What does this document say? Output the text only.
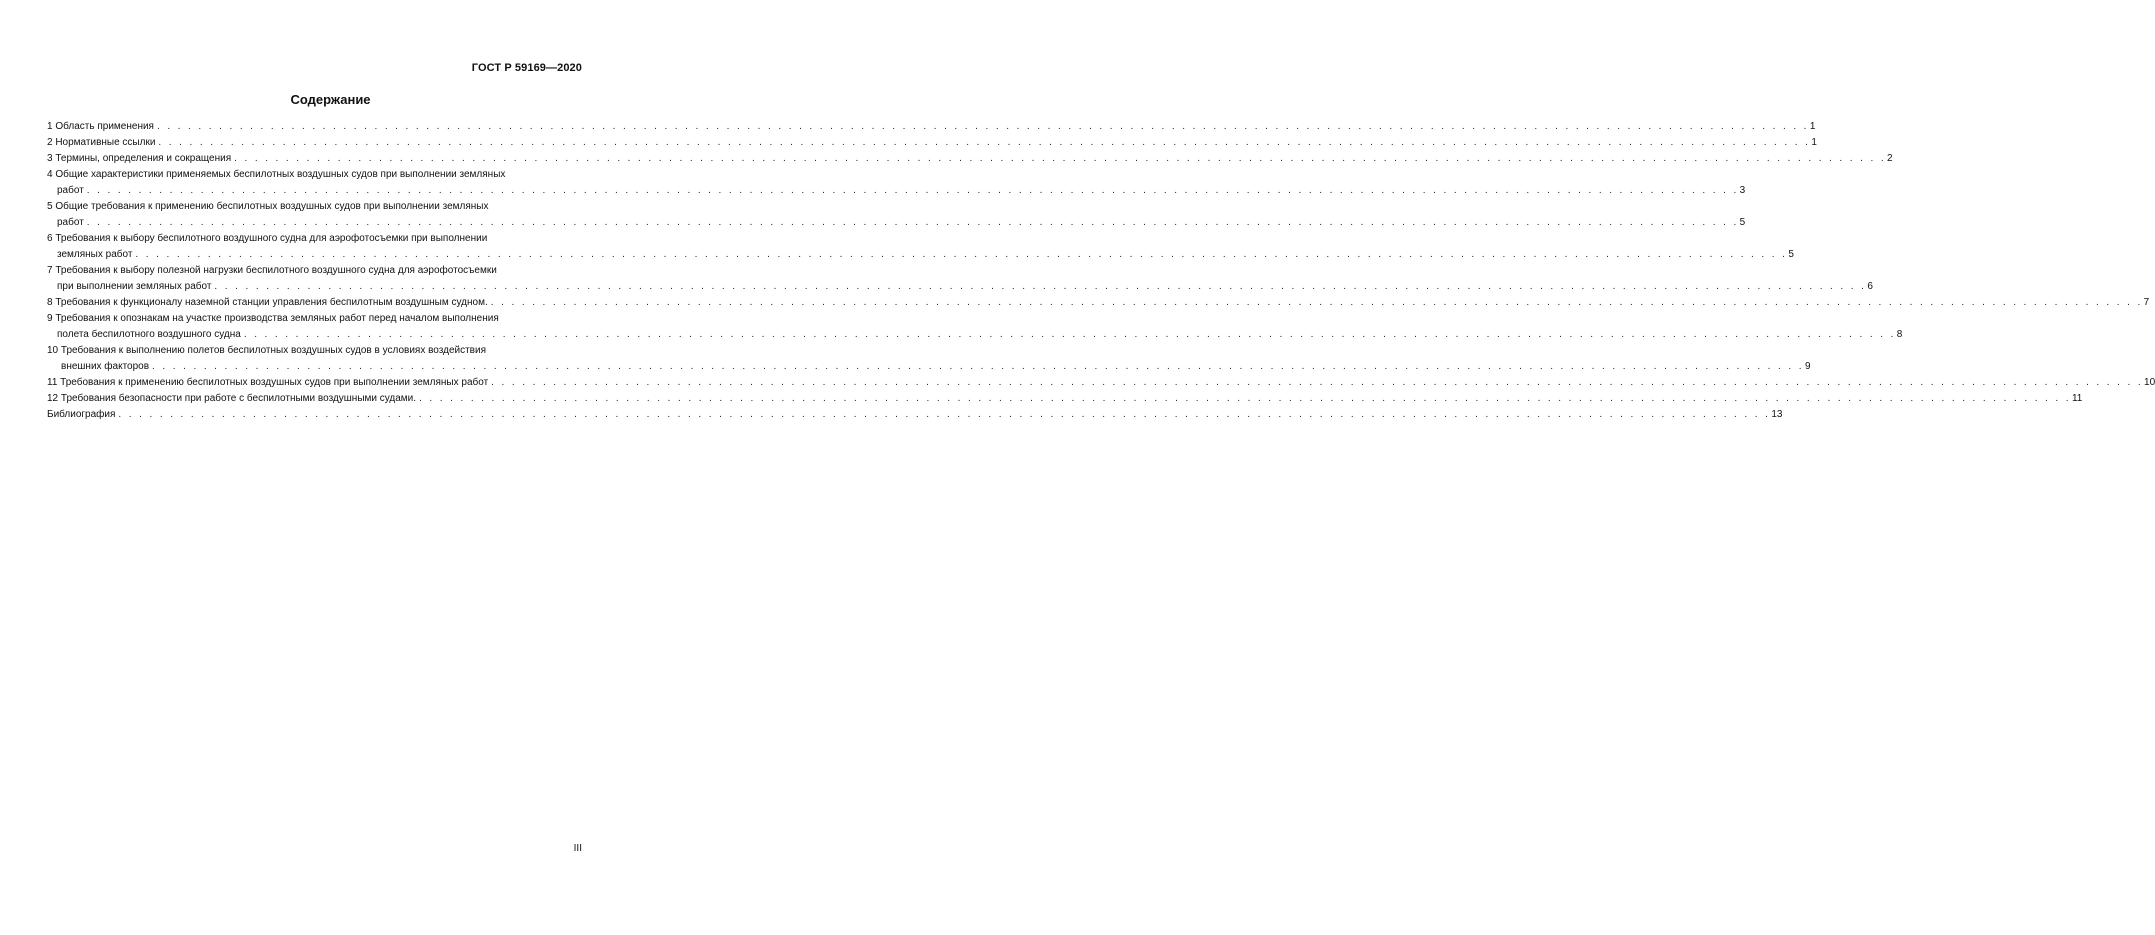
ГОСТ Р 59169—2020
Содержание
1 Область применения . . . . . . . . . . . . . . . . . . . . . . . . . . . . . . . . . . . . . . . . . . . . . . . . . . . . . . . . . . . . . . . . . . . . . . . . . . . . . . . . . . . . . . . . . . . . . . . . . . . . . . . . . . . . . . . . . . . . . . . . . . . . . . . . . . . . . . . . . . . . . . . . . . . . . . . . . . . . . . . . 1
2 Нормативные ссылки . . . . . . . . . . . . . . . . . . . . . . . . . . . . . . . . . . . . . . . . . . . . . . . . . . . . . . . . . . . . . . . . . . . . . . . . . . . . . . . . . . . . . . . . . . . . . . . . . . . . . . . . . . . . . . . . . . . . . . . . . . . . . . . . . . . . . . . . . . . . . . . . . . . . . . . . . . . . . . . . 1
3 Термины, определения и сокращения . . . . . . . . . . . . . . . . . . . . . . . . . . . . . . . . . . . . . . . . . . . . . . . . . . . . . . . . . . . . . . . . . . . . . . . . . . . . . . . . . . . . . . . . . . . . . . . . . . . . . . . . . . . . . . . . . . . . . . . . . . . . . . . . . . . . . . . . . . . . . . . . . . . . . . . . . . . . . . . . 2
4 Общие характеристики применяемых беспилотных воздушных судов при выполнении земляных
работ . . . . . . . . . . . . . . . . . . . . . . . . . . . . . . . . . . . . . . . . . . . . . . . . . . . . . . . . . . . . . . . . . . . . . . . . . . . . . . . . . . . . . . . . . . . . . . . . . . . . . . . . . . . . . . . . . . . . . . . . . . . . . . . . . . . . . . . . . . . . . . . . . . . . . . . . . . . . . . . . 3
5 Общие требования к применению беспилотных воздушных судов при выполнении земляных
работ . . . . . . . . . . . . . . . . . . . . . . . . . . . . . . . . . . . . . . . . . . . . . . . . . . . . . . . . . . . . . . . . . . . . . . . . . . . . . . . . . . . . . . . . . . . . . . . . . . . . . . . . . . . . . . . . . . . . . . . . . . . . . . . . . . . . . . . . . . . . . . . . . . . . . . . . . . . . . . . . 5
6 Требования к выбору беспилотного воздушного судна для аэрофотосъемки при выполнении
земляных работ . . . . . . . . . . . . . . . . . . . . . . . . . . . . . . . . . . . . . . . . . . . . . . . . . . . . . . . . . . . . . . . . . . . . . . . . . . . . . . . . . . . . . . . . . . . . . . . . . . . . . . . . . . . . . . . . . . . . . . . . . . . . . . . . . . . . . . . . . . . . . . . . . . . . . . . . . . . . . . . . 5
7 Требования к выбору полезной нагрузки беспилотного воздушного судна для аэрофотосъемки
при выполнении земляных работ . . . . . . . . . . . . . . . . . . . . . . . . . . . . . . . . . . . . . . . . . . . . . . . . . . . . . . . . . . . . . . . . . . . . . . . . . . . . . . . . . . . . . . . . . . . . . . . . . . . . . . . . . . . . . . . . . . . . . . . . . . . . . . . . . . . . . . . . . . . . . . . . . . . . . . . . . . . . . . . . 6
8 Требования к функционалу наземной станции управления беспилотным воздушным судном. . . . . . . . . . . . . . . . . . . . . . . . . . . . . . . . . . . . . . . . . . . . . . . . . . . . . . . . . . . . . . . . . . . . . . . . . . . . . . . . . . . . . . . . . . . . . . . . . . . . . . . . . . . . . . . . . . . . . . . . . . . . . . . . . . . . . . . . . . . . . . . . . . . . . . . . . . . . . . . . . 7
9 Требования к опознакам на участке производства земляных работ перед началом выполнения
полета беспилотного воздушного судна . . . . . . . . . . . . . . . . . . . . . . . . . . . . . . . . . . . . . . . . . . . . . . . . . . . . . . . . . . . . . . . . . . . . . . . . . . . . . . . . . . . . . . . . . . . . . . . . . . . . . . . . . . . . . . . . . . . . . . . . . . . . . . . . . . . . . . . . . . . . . . . . . . . . . . . . . . . . . . . . 8
10 Требования к выполнению полетов беспилотных воздушных судов в условиях воздействия
внешних факторов . . . . . . . . . . . . . . . . . . . . . . . . . . . . . . . . . . . . . . . . . . . . . . . . . . . . . . . . . . . . . . . . . . . . . . . . . . . . . . . . . . . . . . . . . . . . . . . . . . . . . . . . . . . . . . . . . . . . . . . . . . . . . . . . . . . . . . . . . . . . . . . . . . . . . . . . . . . . . . . . 9
11 Требования к применению беспилотных воздушных судов при выполнении земляных работ . . . . . . . . . . . . . . . . . . . . . . . . . . . . . . . . . . . . . . . . . . . . . . . . . . . . . . . . . . . . . . . . . . . . . . . . . . . . . . . . . . . . . . . . . . . . . . . . . . . . . . . . . . . . . . . . . . . . . . . . . . . . . . . . . . . . . . . . . . . . . . . . . . . . . . . . . . . . . . . . 10
12 Требования безопасности при работе с беспилотными воздушными судами. . . . . . . . . . . . . . . . . . . . . . . . . . . . . . . . . . . . . . . . . . . . . . . . . . . . . . . . . . . . . . . . . . . . . . . . . . . . . . . . . . . . . . . . . . . . . . . . . . . . . . . . . . . . . . . . . . . . . . . . . . . . . . . . . . . . . . . . . . . . . . . . . . . . . . . . . . . . . . . . . 11
Библиография . . . . . . . . . . . . . . . . . . . . . . . . . . . . . . . . . . . . . . . . . . . . . . . . . . . . . . . . . . . . . . . . . . . . . . . . . . . . . . . . . . . . . . . . . . . . . . . . . . . . . . . . . . . . . . . . . . . . . . . . . . . . . . . . . . . . . . . . . . . . . . . . . . . . . . . . . . . . . . . . 13
III
